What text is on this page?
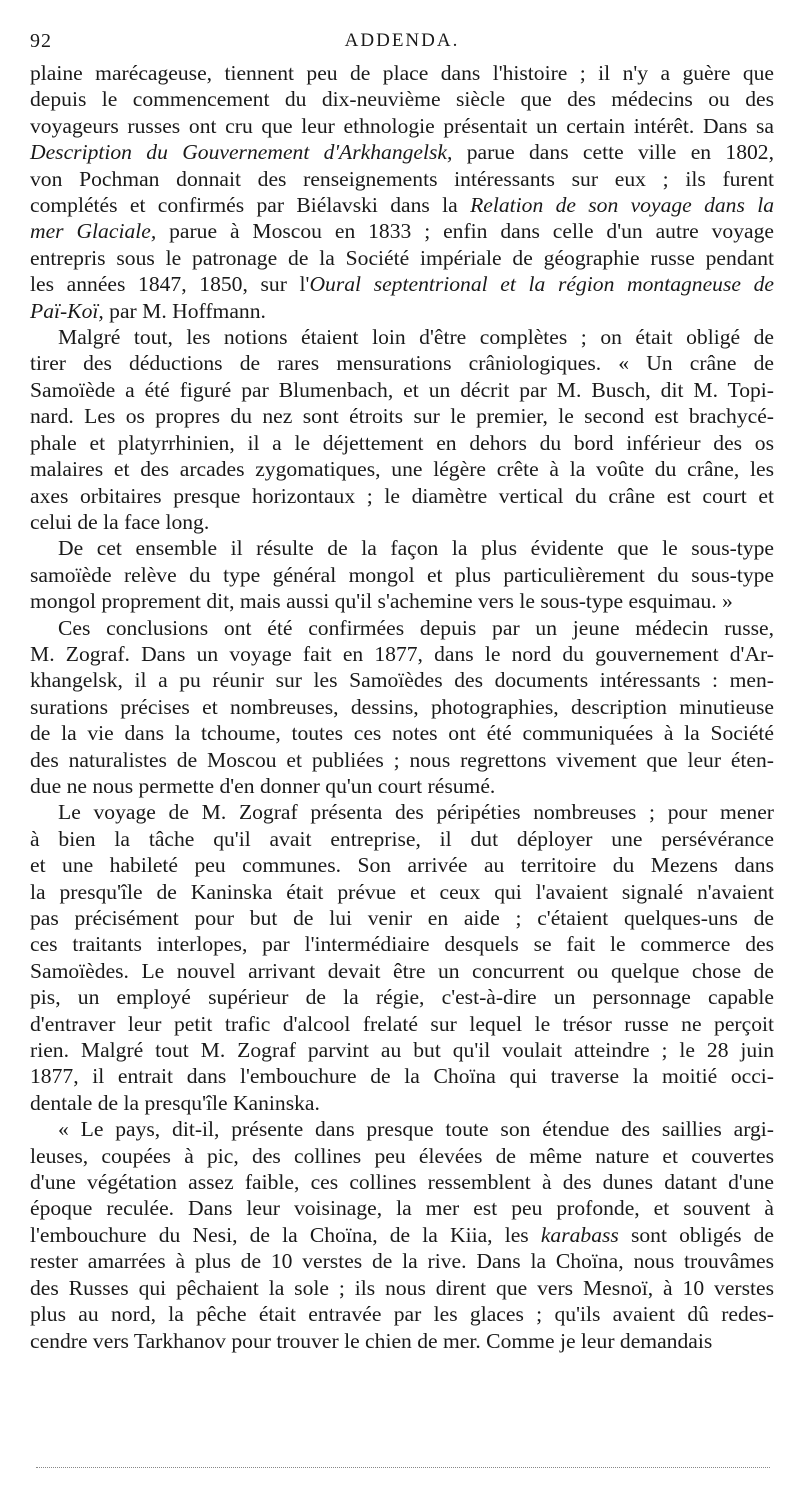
92	ADDENDA.

plaine marécageuse, tiennent peu de place dans l'histoire ; il n'y a guère que
depuis le commencement du dix-neuvième siècle que des médecins ou des
voyageurs russes ont cru que leur ethnologie présentait un certain intérêt. Dans sa
Description du Gouvernement d'Arkhangelsk, parue dans cette ville en 1802,
von Pochman donnait des renseignements intéressants sur eux ; ils furent
complétés et confirmés par Biélavski dans la Relation de son voyage dans la
mer Glaciale, parue à Moscou en 1833 ; enfin dans celle d'un autre voyage
entrepris sous le patronage de la Société impériale de géographie russe pendant
les années 1847, 1850, sur l'Oural septentrional et la région montagneuse de
Paï-Koï, par M. Hoffmann.

Malgré tout, les notions étaient loin d'être complètes ; on était obligé de
tirer des déductions de rares mensurations crâniologiques. « Un crâne de
Samoïède a été figuré par Blumenbach, et un décrit par M. Busch, dit M. Topi-
nard. Les os propres du nez sont étroits sur le premier, le second est brachycé-
phale et platyrrhinien, il a le déjettement en dehors du bord inférieur des os
malaires et des arcades zygomatiques, une légère crête à la voûte du crâne, les
axes orbitaires presque horizontaux ; le diamètre vertical du crâne est court et
celui de la face long.

De cet ensemble il résulte de la façon la plus évidente que le sous-type
samoïède relève du type général mongol et plus particulièrement du sous-type
mongol proprement dit, mais aussi qu'il s'achemine vers le sous-type esquimau. »

Ces conclusions ont été confirmées depuis par un jeune médecin russe,
M. Zograf. Dans un voyage fait en 1877, dans le nord du gouvernement d'Ar-
khangelsk, il a pu réunir sur les Samoïèdes des documents intéressants : men-
surations précises et nombreuses, dessins, photographies, description minutieuse
de la vie dans la tchoume, toutes ces notes ont été communiquées à la Société
des naturalistes de Moscou et publiées ; nous regrettons vivement que leur éten-
due ne nous permette d'en donner qu'un court résumé.

Le voyage de M. Zograf présenta des péripéties nombreuses ; pour mener
à bien la tâche qu'il avait entreprise, il dut déployer une persévérance
et une habileté peu communes. Son arrivée au territoire du Mezens dans
la presqu'île de Kaninska était prévue et ceux qui l'avaient signalé n'avaient
pas précisément pour but de lui venir en aide ; c'étaient quelques-uns de
ces traitants interlopes, par l'intermédiaire desquels se fait le commerce des
Samoïèdes. Le nouvel arrivant devait être un concurrent ou quelque chose de
pis, un employé supérieur de la régie, c'est-à-dire un personnage capable
d'entraver leur petit trafic d'alcool frelaté sur lequel le trésor russe ne perçoit
rien. Malgré tout M. Zograf parvint au but qu'il voulait atteindre ; le 28 juin
1877, il entrait dans l'embouchure de la Choïna qui traverse la moitié occi-
dentale de la presqu'île Kaninska.

« Le pays, dit-il, présente dans presque toute son étendue des saillies argi-
leuses, coupées à pic, des collines peu élevées de même nature et couvertes
d'une végétation assez faible, ces collines ressemblent à des dunes datant d'une
époque reculée. Dans leur voisinage, la mer est peu profonde, et souvent à
l'embouchure du Nesi, de la Choïna, de la Kiia, les karabass sont obligés de
rester amarrées à plus de 10 verstes de la rive. Dans la Choïna, nous trouvâmes
des Russes qui pêchaient la sole ; ils nous dirent que vers Mesnoï, à 10 verstes
plus au nord, la pêche était entravée par les glaces ; qu'ils avaient dû redes-
cendre vers Tarkhanov pour trouver le chien de mer. Comme je leur demandais
